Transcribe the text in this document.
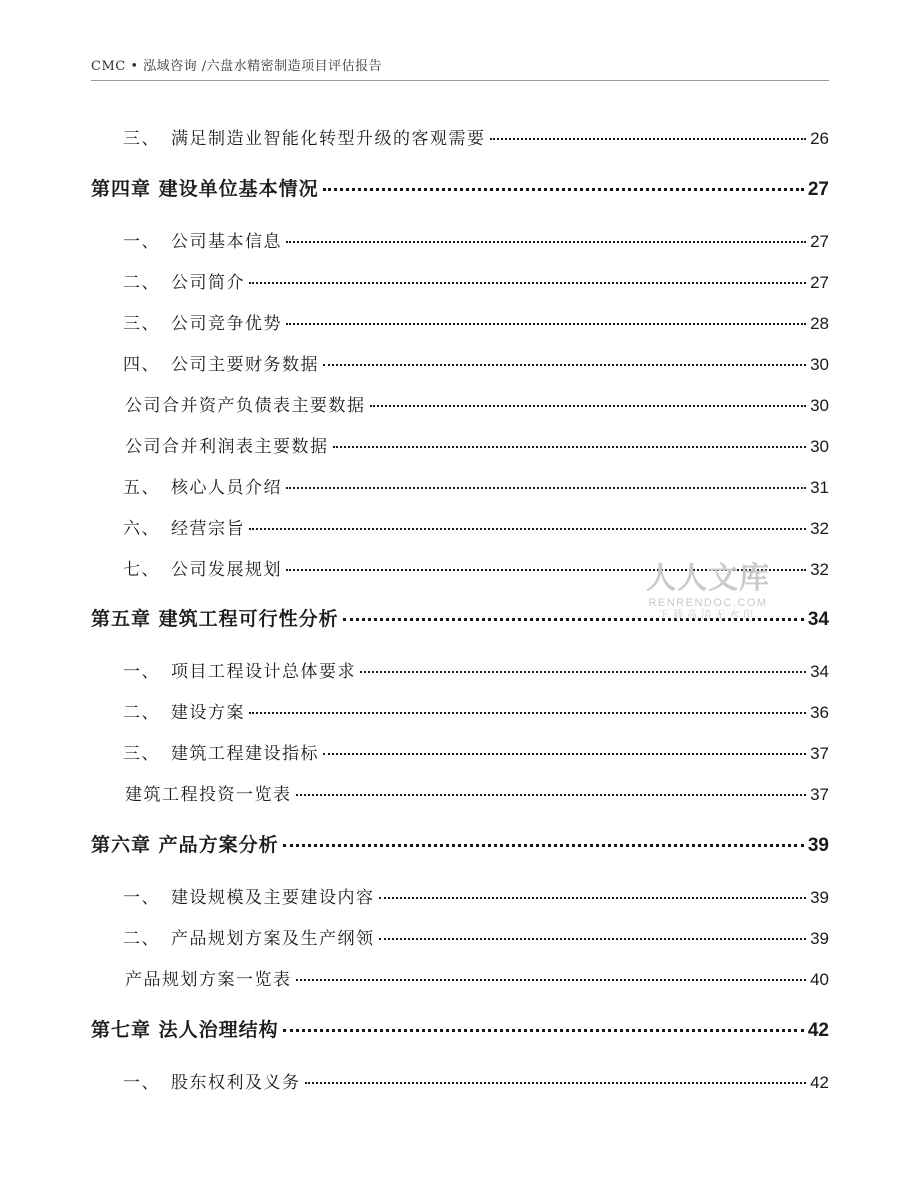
CMC • 泓域咨询 /六盘水精密制造项目评估报告
三、 满足制造业智能化转型升级的客观需要	26
第四章 建设单位基本情况	27
一、 公司基本信息	27
二、 公司简介	27
三、 公司竞争优势	28
四、 公司主要财务数据	30
公司合并资产负债表主要数据	30
公司合并利润表主要数据	30
五、 核心人员介绍	31
六、 经营宗旨	32
七、 公司发展规划	32
第五章 建筑工程可行性分析	34
一、 项目工程设计总体要求	34
二、 建设方案	36
三、 建筑工程建设指标	37
建筑工程投资一览表	37
第六章 产品方案分析	39
一、 建设规模及主要建设内容	39
二、 产品规划方案及生产纲领	39
产品规划方案一览表	40
第七章 法人治理结构	42
一、 股东权利及义务	42
人人文库
RENRENDOC.COM
下载高清无水印
